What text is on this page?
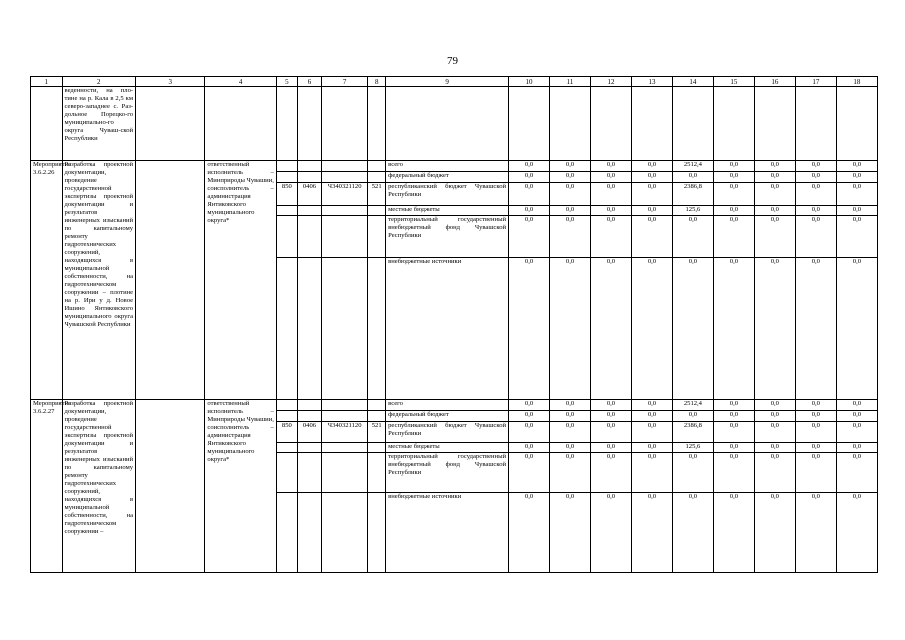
79
1	2	3	4	5	6	7	8	9	10	11	12	13	14	15	16	17	18
	веденности, на пло-тине на р. Кала в 2,5 км северо-западнее с. Раз-дольное Порецко-го муниципально-го округа Чуваш-ской Республики																
Мероприятие 3.6.2.26	Разработка проектной документации, проведение государственной экспертизы проектной документации и результатов инженерных изысканий по капитальному ремонту гидротехнических сооружений, находящихся в муниципальной собственности, на гидротехническом сооружении – плотине на р. Ири у д. Новое Ишино Янтиковского муниципального округа Чувашской Республики		ответственный исполнитель – Минприроды Чувашии, соисполнитель – администрация Янтиковского муниципального округа*					всего	0,0	0,0	0,0	0,0	2512,4	0,0	0,0	0,0	0,0
								федеральный бюджет	0,0	0,0	0,0	0,0	0,0	0,0	0,0	0,0	0,0
				850	0406	Ч340321120	521	республиканский бюджет Чувашской Республики	0,0	0,0	0,0	0,0	2386,8	0,0	0,0	0,0	0,0
								местные бюджеты	0,0	0,0	0,0	0,0	125,6	0,0	0,0	0,0	0,0
								территориальный государственный внебюджетный фонд Чувашской Республики	0,0	0,0	0,0	0,0	0,0	0,0	0,0	0,0	0,0
								внебюджетные источники	0,0	0,0	0,0	0,0	0,0	0,0	0,0	0,0	0,0
Мероприятие 3.6.2.27	Разработка проектной документации, проведение государственной экспертизы проектной документации и результатов инженерных изысканий по капитальному ремонту гидротехнических сооружений, находящихся в муниципальной собственности, на гидротехническом сооружении –		ответственный исполнитель – Минприроды Чувашии, соисполнитель – администрация Янтиковского муниципального округа*					всего	0,0	0,0	0,0	0,0	2512,4	0,0	0,0	0,0	0,0
								федеральный бюджет	0,0	0,0	0,0	0,0	0,0	0,0	0,0	0,0	0,0
				850	0406	Ч340321120	521	республиканский бюджет Чувашской Республики	0,0	0,0	0,0	0,0	2386,8	0,0	0,0	0,0	0,0
								местные бюджеты	0,0	0,0	0,0	0,0	125,6	0,0	0,0	0,0	0,0
								территориальный государственный внебюджетный фонд Чувашской Республики	0,0	0,0	0,0	0,0	0,0	0,0	0,0	0,0	0,0
								внебюджетные источники	0,0	0,0	0,0	0,0	0,0	0,0	0,0	0,0	0,0
